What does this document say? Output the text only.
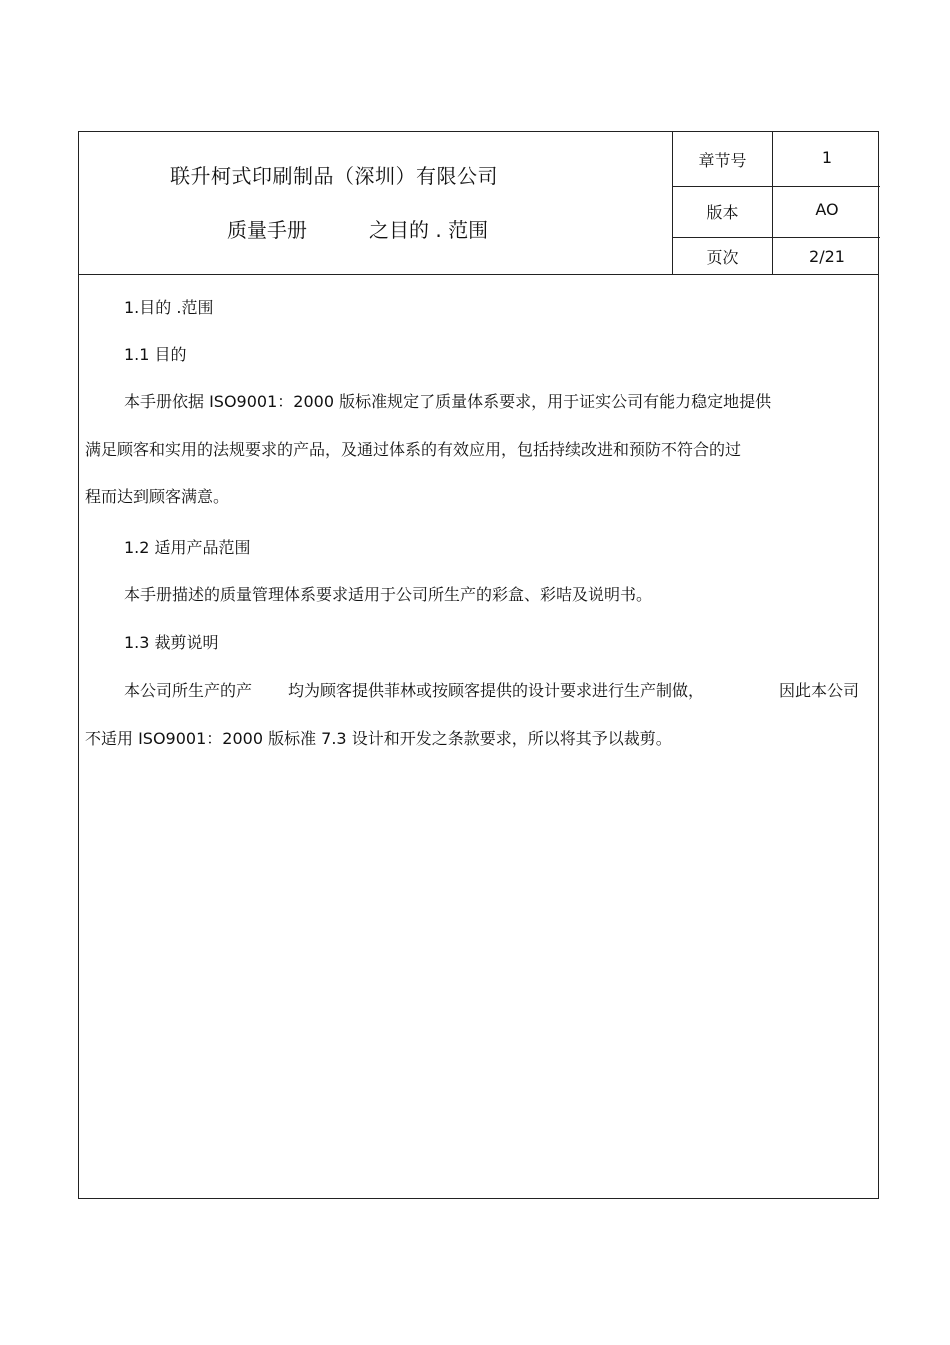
联升柯式印刷制品（深圳）有限公司
质量手册	之目的 . 范围
章节号	1
版本	AO
页次	2/21
1.目的 .范围
1.1 目的
本手册依据 ISO9001：2000 版标准规定了质量体系要求，用于证实公司有能力稳定地提供
满足顾客和实用的法规要求的产品，及通过体系的有效应用，包括持续改进和预防不符合的过
程而达到顾客满意。
1.2 适用产品范围
本手册描述的质量管理体系要求适用于公司所生产的彩盒、彩咭及说明书。
1.3 裁剪说明
本公司所生产的产 均为顾客提供菲林或按顾客提供的设计要求进行生产制做，	因此本公司
不适用 ISO9001：2000 版标准 7.3 设计和开发之条款要求，所以将其予以裁剪。
